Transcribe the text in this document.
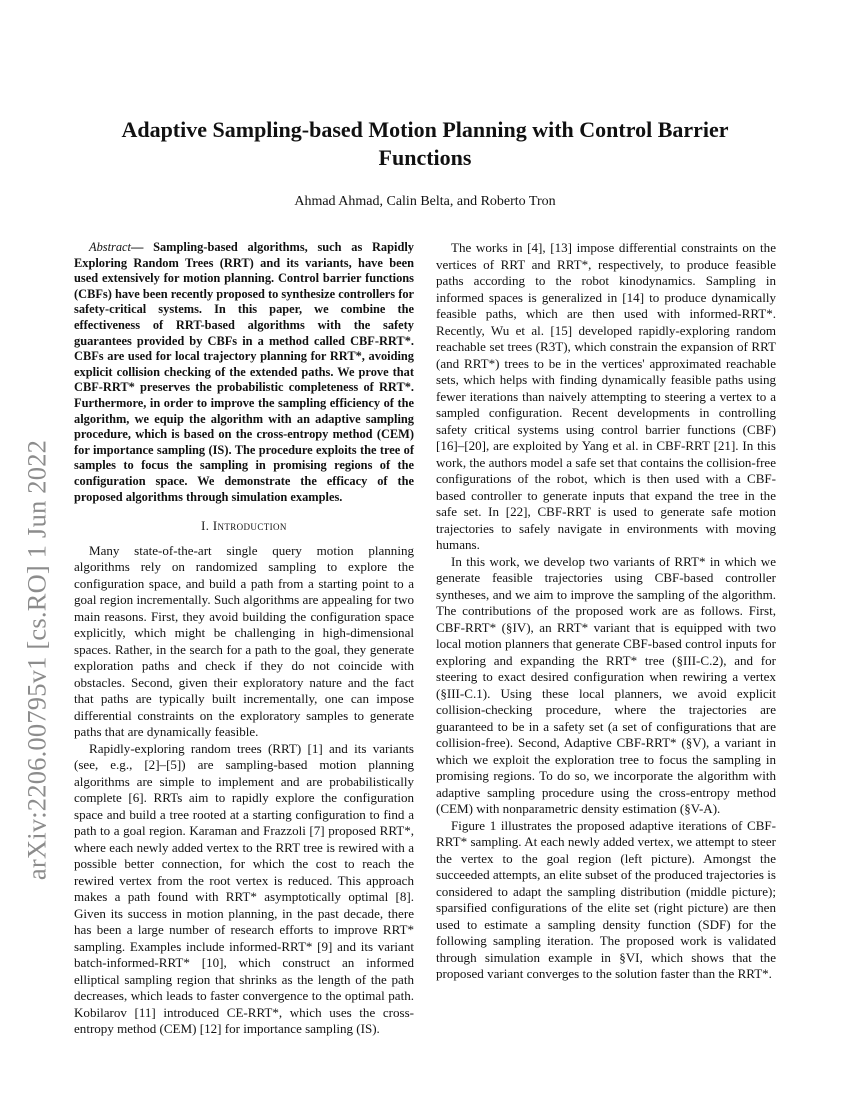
arXiv:2206.00795v1 [cs.RO] 1 Jun 2022
Adaptive Sampling-based Motion Planning with Control Barrier Functions
Ahmad Ahmad, Calin Belta, and Roberto Tron

Abstract— Sampling-based algorithms, such as Rapidly Exploring Random Trees (RRT) and its variants, have been used extensively for motion planning. Control barrier functions (CBFs) have been recently proposed to synthesize controllers for safety-critical systems. In this paper, we combine the effectiveness of RRT-based algorithms with the safety guarantees provided by CBFs in a method called CBF-RRT*. CBFs are used for local trajectory planning for RRT*, avoiding explicit collision checking of the extended paths. We prove that CBF-RRT* preserves the probabilistic completeness of RRT*. Furthermore, in order to improve the sampling efficiency of the algorithm, we equip the algorithm with an adaptive sampling procedure, which is based on the cross-entropy method (CEM) for importance sampling (IS). The procedure exploits the tree of samples to focus the sampling in promising regions of the configuration space. We demonstrate the efficacy of the proposed algorithms through simulation examples.

I. Introduction

Many state-of-the-art single query motion planning algorithms rely on randomized sampling to explore the configuration space, and build a path from a starting point to a goal region incrementally. Such algorithms are appealing for two main reasons. First, they avoid building the configuration space explicitly, which might be challenging in high-dimensional spaces. Rather, in the search for a path to the goal, they generate exploration paths and check if they do not coincide with obstacles. Second, given their exploratory nature and the fact that paths are typically built incrementally, one can impose differential constraints on the exploratory samples to generate paths that are dynamically feasible.

Rapidly-exploring random trees (RRT) [1] and its variants (see, e.g., [2]–[5]) are sampling-based motion planning algorithms are simple to implement and are probabilistically complete [6]. RRTs aim to rapidly explore the configuration space and build a tree rooted at a starting configuration to find a path to a goal region. Karaman and Frazzoli [7] proposed RRT*, where each newly added vertex to the RRT tree is rewired with a possible better connection, for which the cost to reach the rewired vertex from the root vertex is reduced. This approach makes a path found with RRT* asymptotically optimal [8]. Given its success in motion planning, in the past decade, there has been a large number of research efforts to improve RRT* sampling. Examples include informed-RRT* [9] and its variant batch-informed-RRT* [10], which construct an informed elliptical sampling region that shrinks as the length of the path decreases, which leads to faster convergence to the optimal path. Kobilarov [11] introduced CE-RRT*, which uses the cross-entropy method (CEM) [12] for importance sampling (IS).

The works in [4], [13] impose differential constraints on the vertices of RRT and RRT*, respectively, to produce feasible paths according to the robot kinodynamics. Sampling in informed spaces is generalized in [14] to produce dynamically feasible paths, which are then used with informed-RRT*. Recently, Wu et al. [15] developed rapidly-exploring random reachable set trees (R3T), which constrain the expansion of RRT (and RRT*) trees to be in the vertices' approximated reachable sets, which helps with finding dynamically feasible paths using fewer iterations than naively attempting to steering a vertex to a sampled configuration. Recent developments in controlling safety critical systems using control barrier functions (CBF) [16]–[20], are exploited by Yang et al. in CBF-RRT [21]. In this work, the authors model a safe set that contains the collision-free configurations of the robot, which is then used with a CBF-based controller to generate inputs that expand the tree in the safe set. In [22], CBF-RRT is used to generate safe motion trajectories to safely navigate in environments with moving humans.

In this work, we develop two variants of RRT* in which we generate feasible trajectories using CBF-based controller syntheses, and we aim to improve the sampling of the algorithm. The contributions of the proposed work are as follows. First, CBF-RRT* (§IV), an RRT* variant that is equipped with two local motion planners that generate CBF-based control inputs for exploring and expanding the RRT* tree (§III-C.2), and for steering to exact desired configuration when rewiring a vertex (§III-C.1). Using these local planners, we avoid explicit collision-checking procedure, where the trajectories are guaranteed to be in a safety set (a set of configurations that are collision-free). Second, Adaptive CBF-RRT* (§V), a variant in which we exploit the exploration tree to focus the sampling in promising regions. To do so, we incorporate the algorithm with adaptive sampling procedure using the cross-entropy method (CEM) with nonparametric density estimation (§V-A).

Figure 1 illustrates the proposed adaptive iterations of CBF-RRT* sampling. At each newly added vertex, we attempt to steer the vertex to the goal region (left picture). Amongst the succeeded attempts, an elite subset of the produced trajectories is considered to adapt the sampling distribution (middle picture); sparsified configurations of the elite set (right picture) are then used to estimate a sampling density function (SDF) for the following sampling iteration. The proposed work is validated through simulation example in §VI, which shows that the proposed variant converges to the solution faster than the RRT*.
